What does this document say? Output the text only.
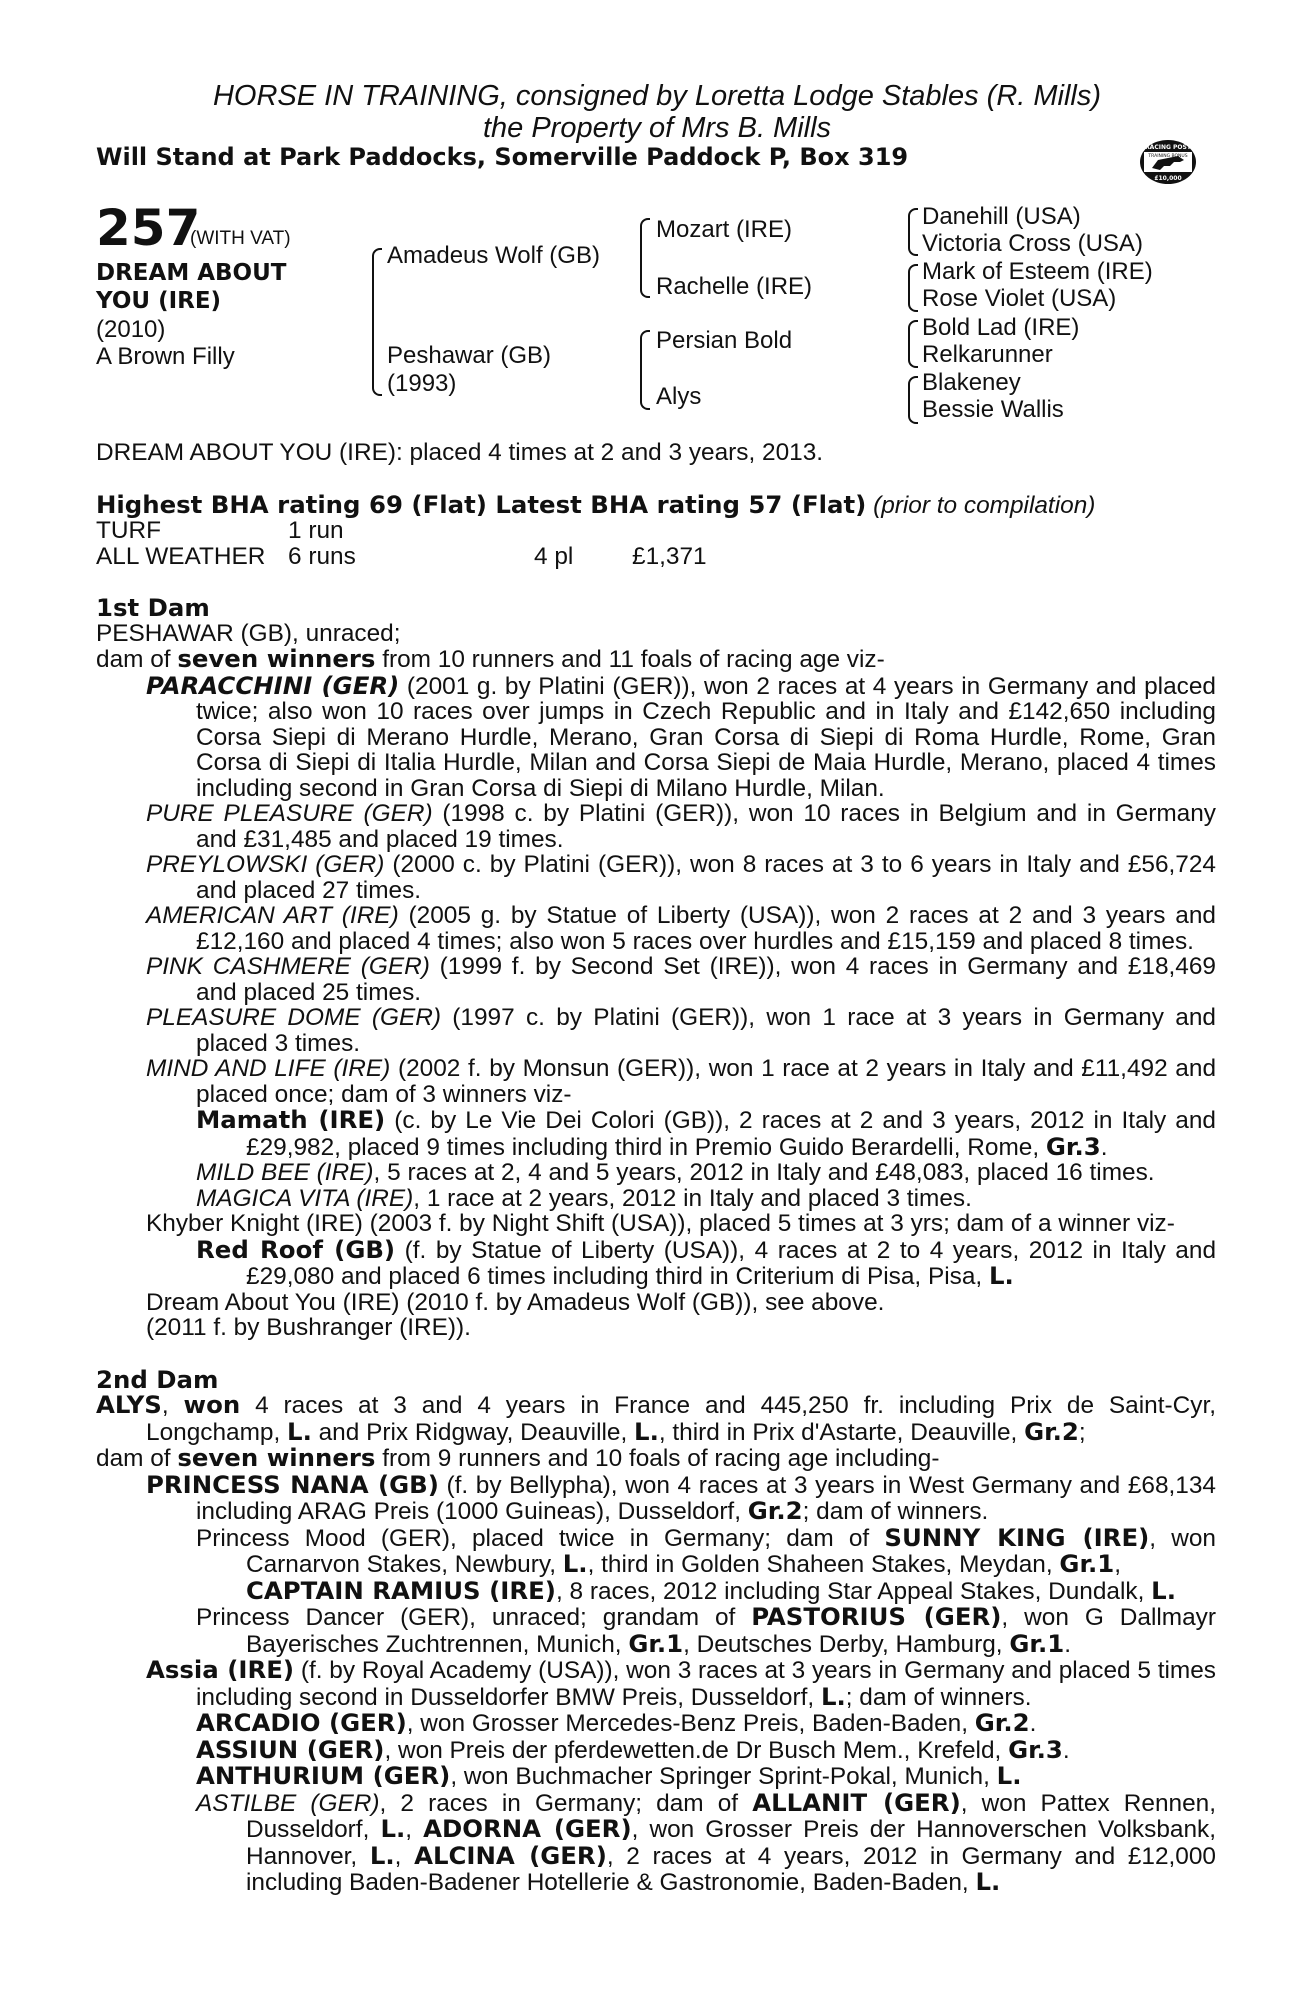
HORSE IN TRAINING, consigned by Loretta Lodge Stables (R. Mills)
the Property of Mrs B. Mills
Will Stand at Park Paddocks, Somerville Paddock P, Box 319	RACING POST
TRAINING BONUS
£10,000
257
(WITH VAT)
DREAM ABOUT
YOU (IRE)
(2010)
A Brown Filly
Amadeus Wolf (GB)
Peshawar (GB)
(1993)
Mozart (IRE)
Rachelle (IRE)
Persian Bold
Alys
Danehill (USA)
Victoria Cross (USA)
Mark of Esteem (IRE)
Rose Violet (USA)
Bold Lad (IRE)
Relkarunner
Blakeney
Bessie Wallis

DREAM ABOUT YOU (IRE): placed 4 times at 2 and 3 years, 2013.

Highest BHA rating 69 (Flat) Latest BHA rating 57 (Flat) (prior to compilation)

TURF	1 run

ALL WEATHER 6 runs	4 pl £1,371

1st Dam

PESHAWAR (GB), unraced;

dam of seven winners from 10 runners and 11 foals of racing age viz-

PARACCHINI (GER) (2001 g. by Platini (GER)), won 2 races at 4 years in Germany and placed twice; also won 10 races over jumps in Czech Republic and in Italy and £142,650 including Corsa Siepi di Merano Hurdle, Merano, Gran Corsa di Siepi di Roma Hurdle, Rome, Gran Corsa di Siepi di Italia Hurdle, Milan and Corsa Siepi de Maia Hurdle, Merano, placed 4 times including second in Gran Corsa di Siepi di Milano Hurdle, Milan.

PURE PLEASURE (GER) (1998 c. by Platini (GER)), won 10 races in Belgium and in Germany and £31,485 and placed 19 times.

PREYLOWSKI (GER) (2000 c. by Platini (GER)), won 8 races at 3 to 6 years in Italy and £56,724 and placed 27 times.

AMERICAN ART (IRE) (2005 g. by Statue of Liberty (USA)), won 2 races at 2 and 3 years and £12,160 and placed 4 times; also won 5 races over hurdles and £15,159 and placed 8 times.

PINK CASHMERE (GER) (1999 f. by Second Set (IRE)), won 4 races in Germany and £18,469 and placed 25 times.

PLEASURE DOME (GER) (1997 c. by Platini (GER)), won 1 race at 3 years in Germany and placed 3 times.

MIND AND LIFE (IRE) (2002 f. by Monsun (GER)), won 1 race at 2 years in Italy and £11,492 and placed once; dam of 3 winners viz-

Mamath (IRE) (c. by Le Vie Dei Colori (GB)), 2 races at 2 and 3 years, 2012 in Italy and £29,982, placed 9 times including third in Premio Guido Berardelli, Rome, Gr.3.

MILD BEE (IRE), 5 races at 2, 4 and 5 years, 2012 in Italy and £48,083, placed 16 times.

MAGICA VITA (IRE), 1 race at 2 years, 2012 in Italy and placed 3 times.

Khyber Knight (IRE) (2003 f. by Night Shift (USA)), placed 5 times at 3 yrs; dam of a winner viz-

Red Roof (GB) (f. by Statue of Liberty (USA)), 4 races at 2 to 4 years, 2012 in Italy and £29,080 and placed 6 times including third in Criterium di Pisa, Pisa, L.

Dream About You (IRE) (2010 f. by Amadeus Wolf (GB)), see above.

(2011 f. by Bushranger (IRE)).

2nd Dam

ALYS, won 4 races at 3 and 4 years in France and 445,250 fr. including Prix de Saint-Cyr, Longchamp, L. and Prix Ridgway, Deauville, L., third in Prix d'Astarte, Deauville, Gr.2;

dam of seven winners from 9 runners and 10 foals of racing age including-

PRINCESS NANA (GB) (f. by Bellypha), won 4 races at 3 years in West Germany and £68,134 including ARAG Preis (1000 Guineas), Dusseldorf, Gr.2; dam of winners.

Princess Mood (GER), placed twice in Germany; dam of SUNNY KING (IRE), won Carnarvon Stakes, Newbury, L., third in Golden Shaheen Stakes, Meydan, Gr.1,
CAPTAIN RAMIUS (IRE), 8 races, 2012 including Star Appeal Stakes, Dundalk, L.

Princess Dancer (GER), unraced; grandam of PASTORIUS (GER), won G Dallmayr Bayerisches Zuchtrennen, Munich, Gr.1, Deutsches Derby, Hamburg, Gr.1.

Assia (IRE) (f. by Royal Academy (USA)), won 3 races at 3 years in Germany and placed 5 times including second in Dusseldorfer BMW Preis, Dusseldorf, L.; dam of winners.

ARCADIO (GER), won Grosser Mercedes-Benz Preis, Baden-Baden, Gr.2.

ASSIUN (GER), won Preis der pferdewetten.de Dr Busch Mem., Krefeld, Gr.3.

ANTHURIUM (GER), won Buchmacher Springer Sprint-Pokal, Munich, L.

ASTILBE (GER), 2 races in Germany; dam of ALLANIT (GER), won Pattex Rennen, Dusseldorf, L., ADORNA (GER), won Grosser Preis der Hannoverschen Volksbank, Hannover, L., ALCINA (GER), 2 races at 4 years, 2012 in Germany and £12,000 including Baden-Badener Hotellerie & Gastronomie, Baden-Baden, L.
